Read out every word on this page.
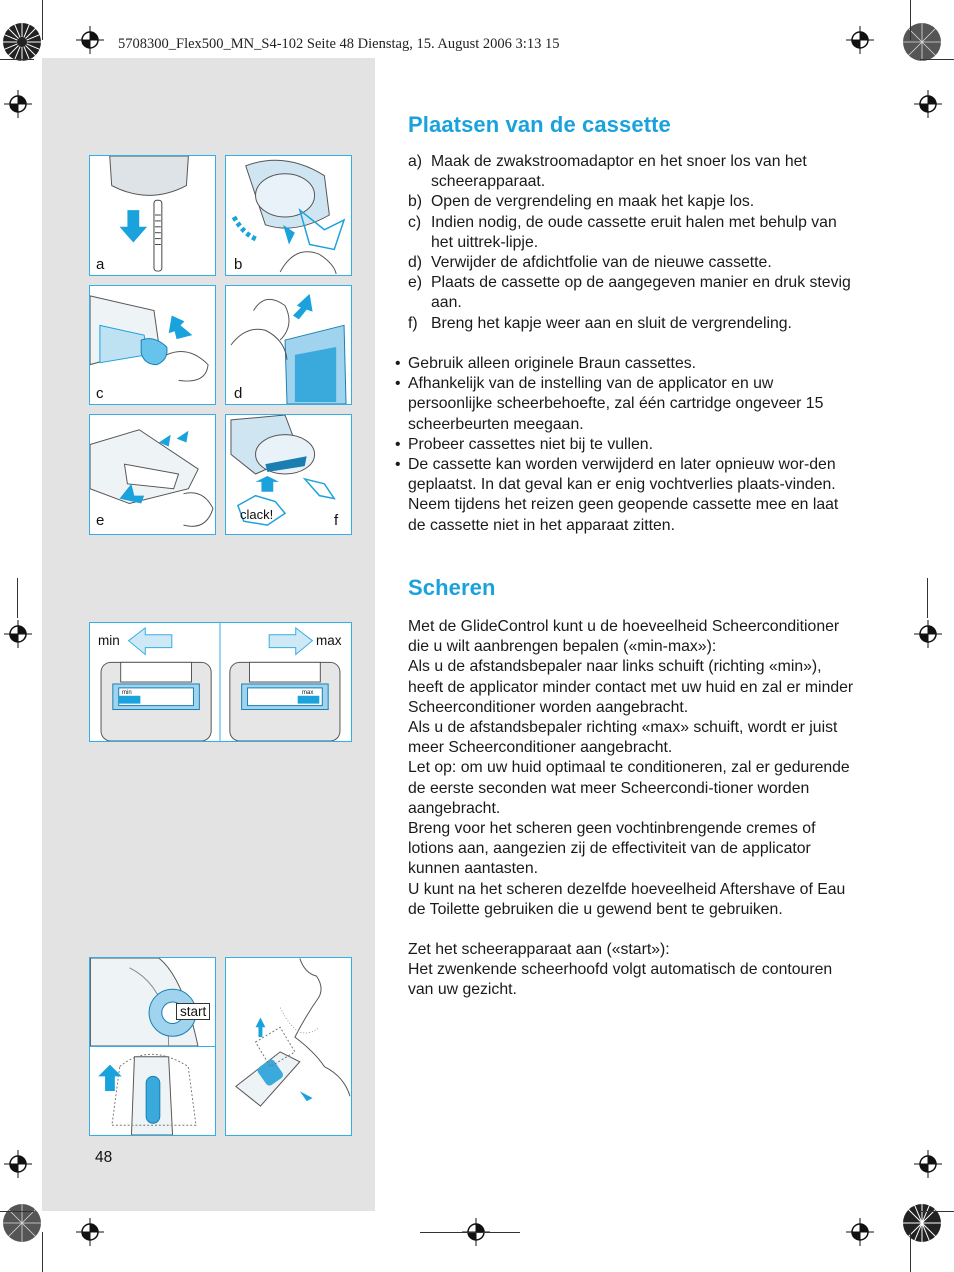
5708300_Flex500_MN_S4-102 Seite 48 Dienstag, 15. August 2006 3:13 15
a	b
c	d
e	clack!	f
min	max
min	max
start
48
Plaatsen van de cassette
a) Maak de zwakstroomadaptor en het snoer los van het scheerapparaat.
b) Open de vergrendeling en maak het kapje los.
c) Indien nodig, de oude cassette eruit halen met behulp van het uittrek-lipje.
d) Verwijder de afdichtfolie van de nieuwe cassette.
e) Plaats de cassette op de aangegeven manier en druk stevig aan.
f) Breng het kapje weer aan en sluit de vergrendeling.
• Gebruik alleen originele Braun cassettes.
• Afhankelijk van de instelling van de applicator en uw persoonlijke scheerbehoefte, zal één cartridge ongeveer 15 scheerbeurten meegaan.
• Probeer cassettes niet bij te vullen.
• De cassette kan worden verwijderd en later opnieuw wor-den geplaatst. In dat geval kan er enig vochtverlies plaats-vinden. Neem tijdens het reizen geen geopende cassette mee en laat de cassette niet in het apparaat zitten.
Scheren

Met de GlideControl kunt u de hoeveelheid Scheerconditioner die u wilt aanbrengen bepalen («min-max»):

Als u de afstandsbepaler naar links schuift (richting «min»), heeft de applicator minder contact met uw huid en zal er minder Scheerconditioner worden aangebracht.

Als u de afstandsbepaler richting «max» schuift, wordt er juist meer Scheerconditioner aangebracht.

Let op: om uw huid optimaal te conditioneren, zal er gedurende de eerste seconden wat meer Scheercondi-tioner worden aangebracht.

Breng voor het scheren geen vochtinbrengende cremes of lotions aan, aangezien zij de effectiviteit van de applicator kunnen aantasten.

U kunt na het scheren dezelfde hoeveelheid Aftershave of Eau de Toilette gebruiken die u gewend bent te gebruiken.

Zet het scheerapparaat aan («start»):

Het zwenkende scheerhoofd volgt automatisch de contouren van uw gezicht.
